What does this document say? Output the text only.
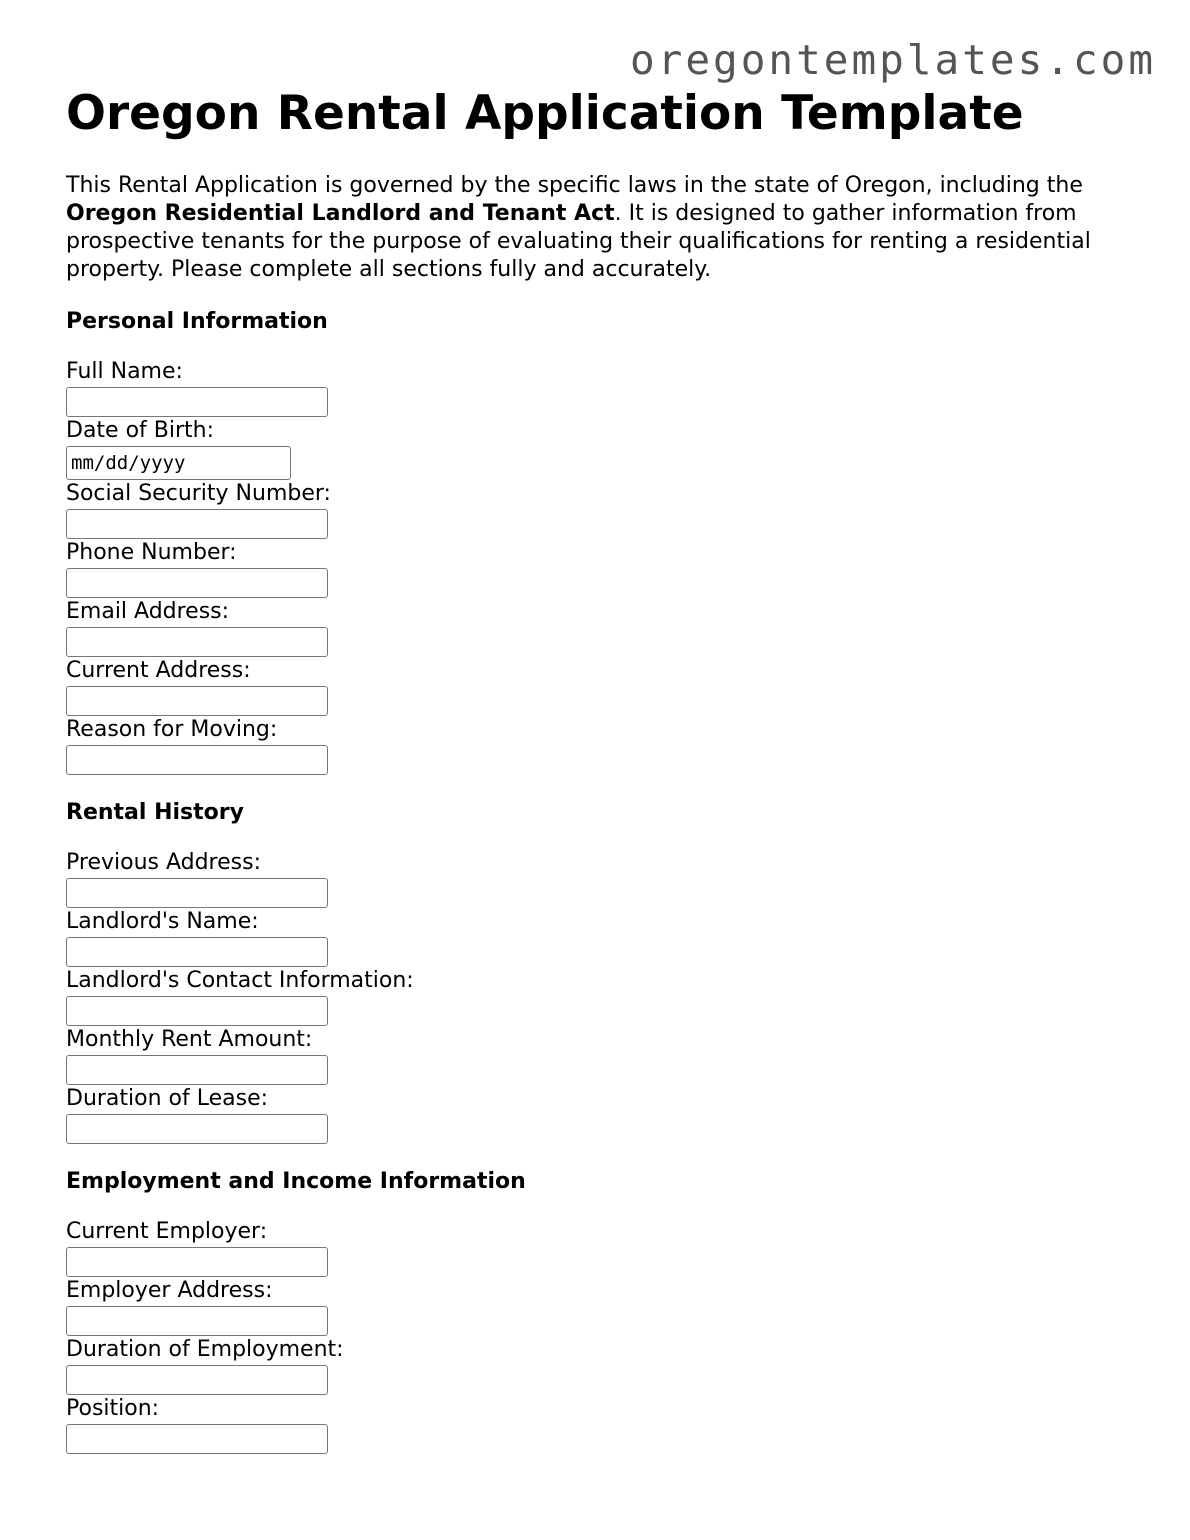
oregontemplates.com
Oregon Rental Application Template

This Rental Application is governed by the specific laws in the state of Oregon, including the Oregon Residential Landlord and Tenant Act. It is designed to gather information from prospective tenants for the purpose of evaluating their qualifications for renting a residential property. Please complete all sections fully and accurately.

Personal Information
Full Name:
Date of Birth:
mm/dd/yyyy
Social Security Number:
Phone Number:
Email Address:
Current Address:
Reason for Moving:
Rental History
Previous Address:
Landlord's Name:
Landlord's Contact Information:
Monthly Rent Amount:
Duration of Lease:
Employment and Income Information
Current Employer:
Employer Address:
Duration of Employment:
Position:
